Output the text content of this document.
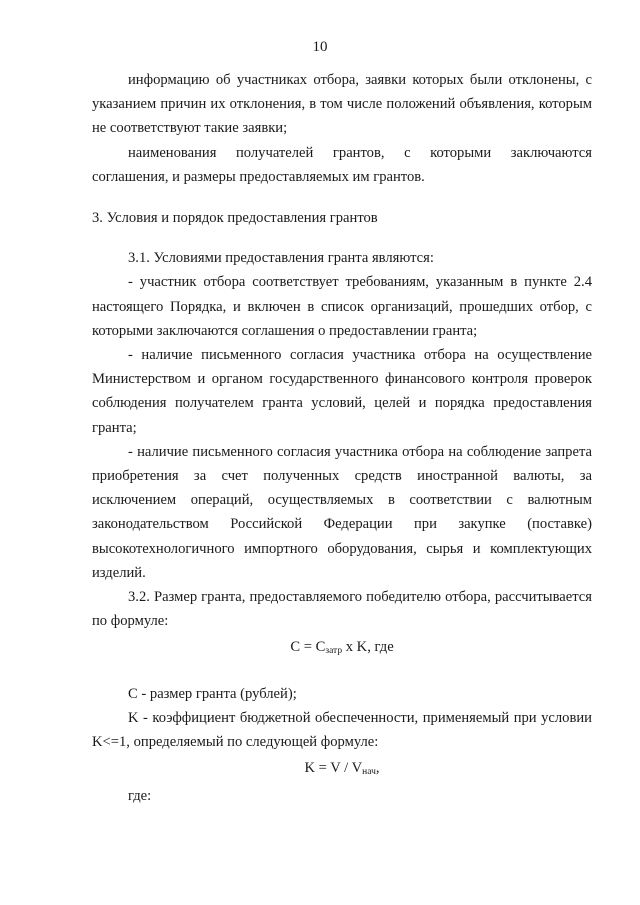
10

информацию об участниках отбора, заявки которых были отклонены, с указанием причин их отклонения, в том числе положений объявления, которым не соответствуют такие заявки;

наименования получателей грантов, с которыми заключаются соглашения, и размеры предоставляемых им грантов.

3. Условия и порядок предоставления грантов

3.1. Условиями предоставления гранта являются:

- участник отбора соответствует требованиям, указанным в пункте 2.4 настоящего Порядка, и включен в список организаций, прошедших отбор, с которыми заключаются соглашения о предоставлении гранта;

- наличие письменного согласия участника отбора на осуществление Министерством и органом государственного финансового контроля проверок соблюдения получателем гранта условий, целей и порядка предоставления гранта;

- наличие письменного согласия участника отбора на соблюдение запрета приобретения за счет полученных средств иностранной валюты, за исключением операций, осуществляемых в соответствии с валютным законодательством Российской Федерации при закупке (поставке) высокотехнологичного импортного оборудования, сырья и комплектующих изделий.

3.2. Размер гранта, предоставляемого победителю отбора, рассчитывается по формуле:

$С = С_{затр}$ х K, где

С - размер гранта (рублей);

K - коэффициент бюджетной обеспеченности, применяемый при условии K<=1, определяемый по следующей формуле:

$K = V / V_{нач}$,

где:
